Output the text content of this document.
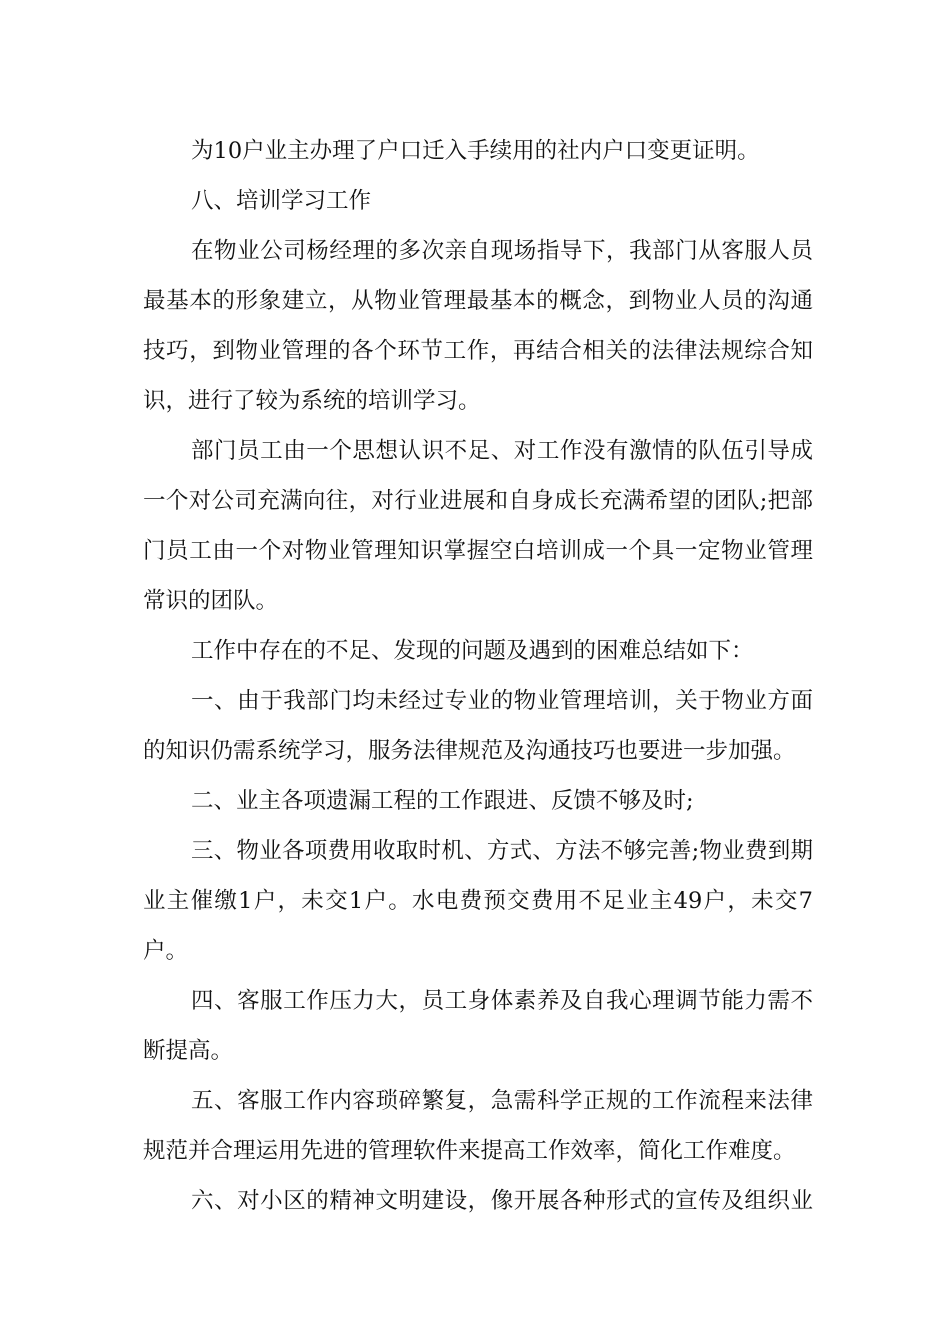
为10户业主办理了户口迁入手续用的社内户口变更证明。
八、培训学习工作
在物业公司杨经理的多次亲自现场指导下，我部门从客服人员
最基本的形象建立，从物业管理最基本的概念，到物业人员的沟通
技巧，到物业管理的各个环节工作，再结合相关的法律法规综合知
识，进行了较为系统的培训学习。
部门员工由一个思想认识不足、对工作没有激情的队伍引导成
一个对公司充满向往，对行业进展和自身成长充满希望的团队;把部
门员工由一个对物业管理知识掌握空白培训成一个具一定物业管理
常识的团队。
工作中存在的不足、发现的问题及遇到的困难总结如下：
一、由于我部门均未经过专业的物业管理培训，关于物业方面
的知识仍需系统学习，服务法律规范及沟通技巧也要进一步加强。
二、业主各项遗漏工程的工作跟进、反馈不够及时;
三、物业各项费用收取时机、方式、方法不够完善;物业费到期
业主催缴1户，未交1户。水电费预交费用不足业主49户，未交7
户。
四、客服工作压力大，员工身体素养及自我心理调节能力需不
断提高。
五、客服工作内容琐碎繁复，急需科学正规的工作流程来法律
规范并合理运用先进的管理软件来提高工作效率，简化工作难度。
六、对小区的精神文明建设，像开展各种形式的宣传及组织业
